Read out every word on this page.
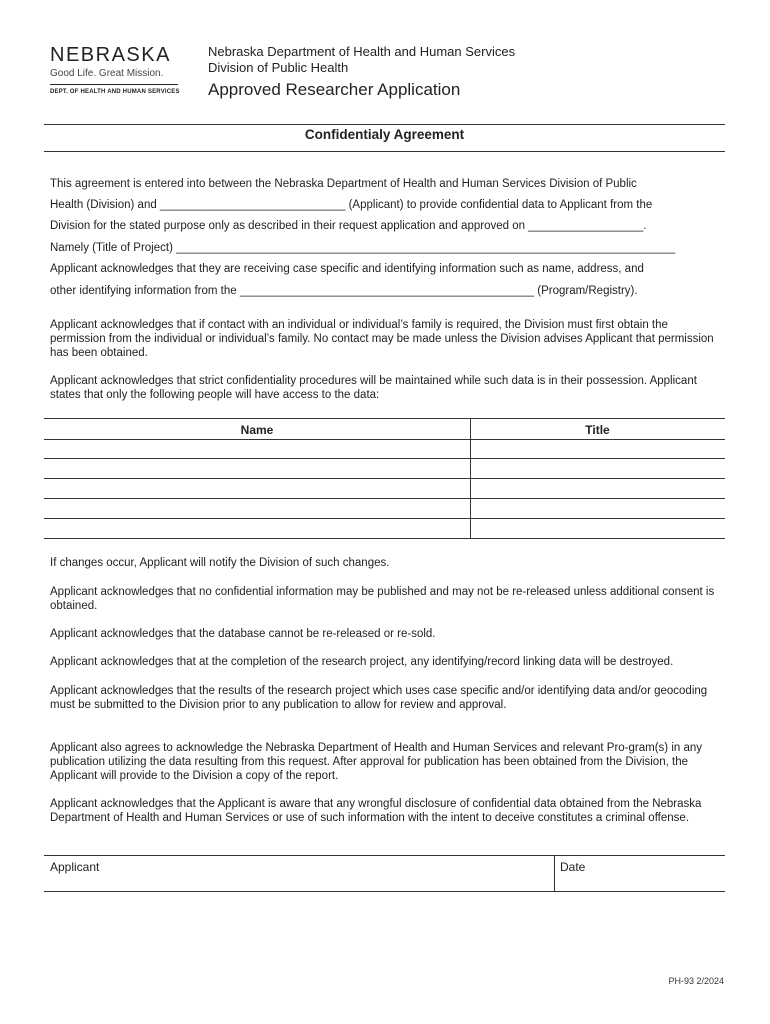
NEBRASKA
Good Life. Great Mission.
DEPT. OF HEALTH AND HUMAN SERVICES
Nebraska Department of Health and Human Services
Division of Public Health
Approved Researcher Application
Confidentialy Agreement
This agreement is entered into between the Nebraska Department of Health and Human Services Division of Public
Health (Division) and _____________________________ (Applicant) to provide confidential data to Applicant from the
Division for the stated purpose only as described in their request application and approved on __________________.
Namely (Title of Project) ______________________________________________________________________________
Applicant acknowledges that they are receiving case specific and identifying information such as name, address, and
other identifying information from the ______________________________________________ (Program/Registry).
Applicant acknowledges that if contact with an individual or individual’s family is required, the Division must first obtain the permission from the individual or individual’s family. No contact may be made unless the Division advises Applicant that permission has been obtained.
Applicant acknowledges that strict confidentiality procedures will be maintained while such data is in their possession. Applicant states that only the following people will have access to the data:
Name	Title
If changes occur, Applicant will notify the Division of such changes.
Applicant acknowledges that no confidential information may be published and may not be re-released unless additional consent is obtained.
Applicant acknowledges that the database cannot be re-released or re-sold.
Applicant acknowledges that at the completion of the research project, any identifying/record linking data will be destroyed.
Applicant acknowledges that the results of the research project which uses case specific and/or identifying data and/or geocoding must be submitted to the Division prior to any publication to allow for review and approval.
Applicant also agrees to acknowledge the Nebraska Department of Health and Human Services and relevant Pro-gram(s) in any publication utilizing the data resulting from this request. After approval for publication has been obtained from the Division, the Applicant will provide to the Division a copy of the report.
Applicant acknowledges that the Applicant is aware that any wrongful disclosure of confidential data obtained from the Nebraska Department of Health and Human Services or use of such information with the intent to deceive constitutes a criminal offense.
Applicant	Date
PH-93 2/2024
